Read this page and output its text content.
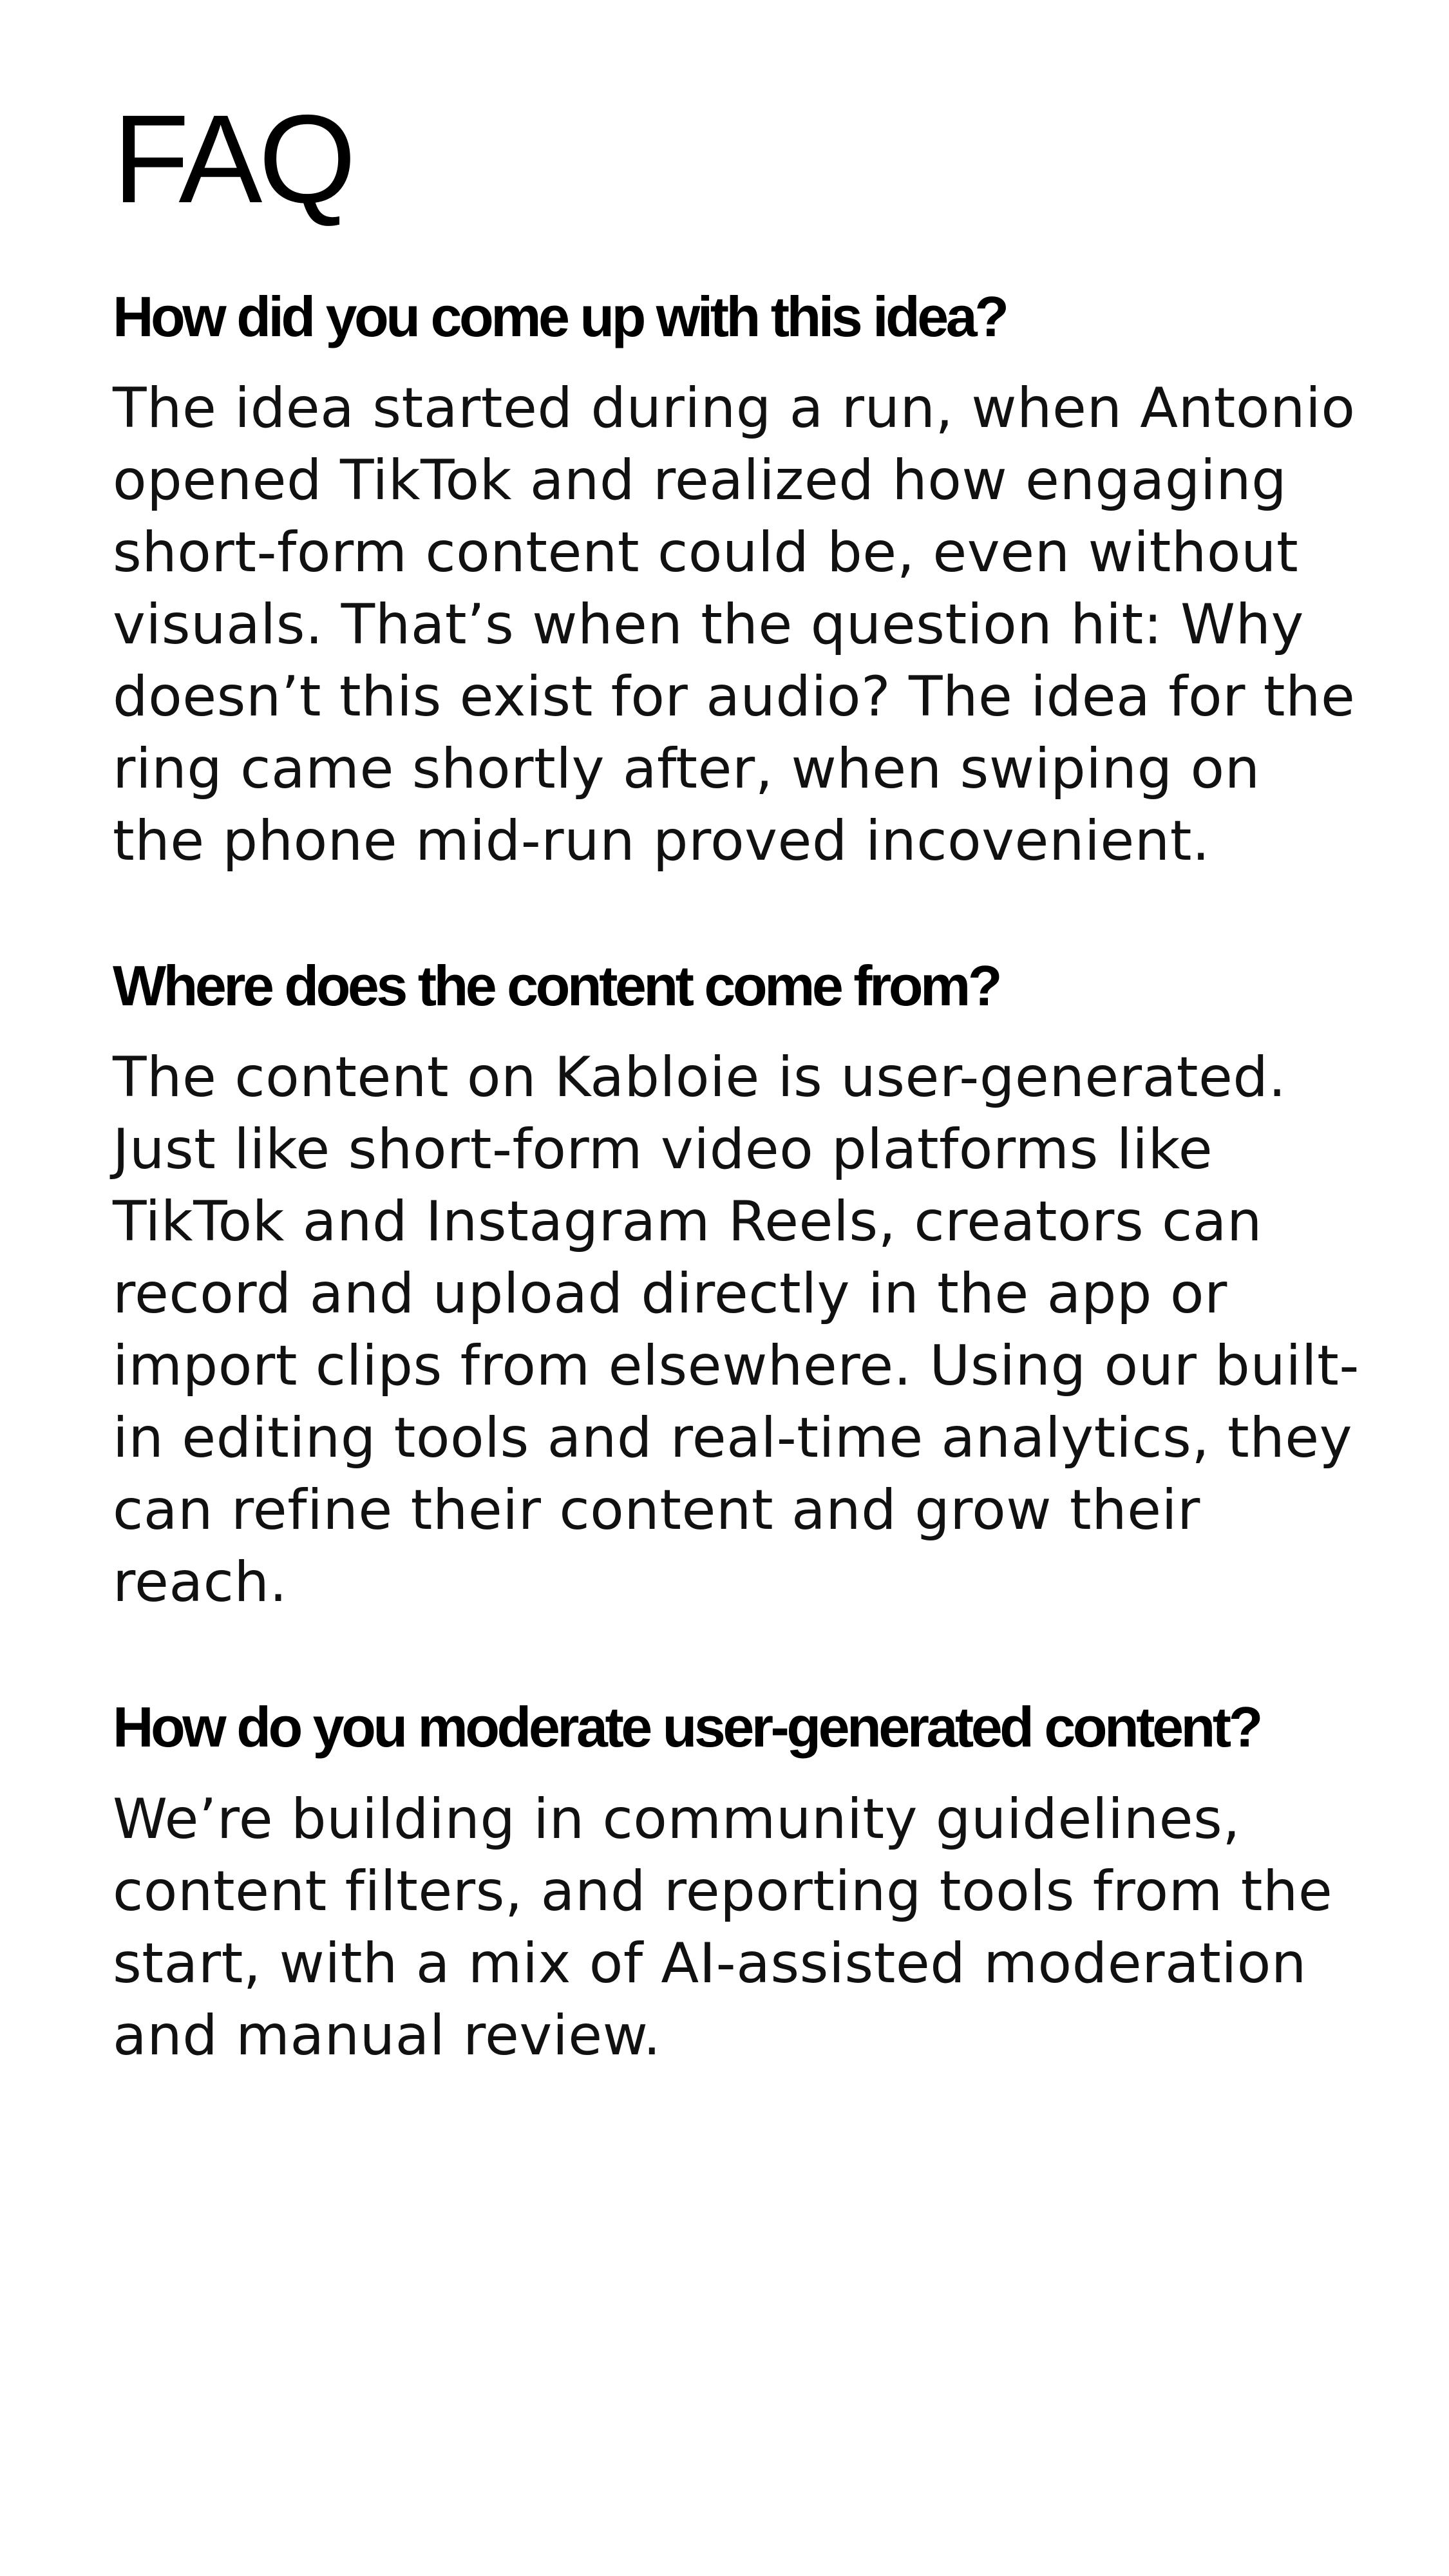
FAQ
How did you come up with this idea?

The idea started during a run, when Antonio opened TikTok and realized how engaging short-form content could be, even without visuals. That’s when the question hit: Why doesn’t this exist for audio? The idea for the ring came shortly after, when swiping on the phone mid-run proved incovenient.

Where does the content come from?

The content on Kabloie is user-generated. Just like short-form video platforms like TikTok and Instagram Reels, creators can record and upload directly in the app or import clips from elsewhere. Using our built-in editing tools and real-time analytics, they can refine their content and grow their reach.

How do you moderate user-generated content?

We’re building in community guidelines, content filters, and reporting tools from the start, with a mix of AI-assisted moderation and manual review.
